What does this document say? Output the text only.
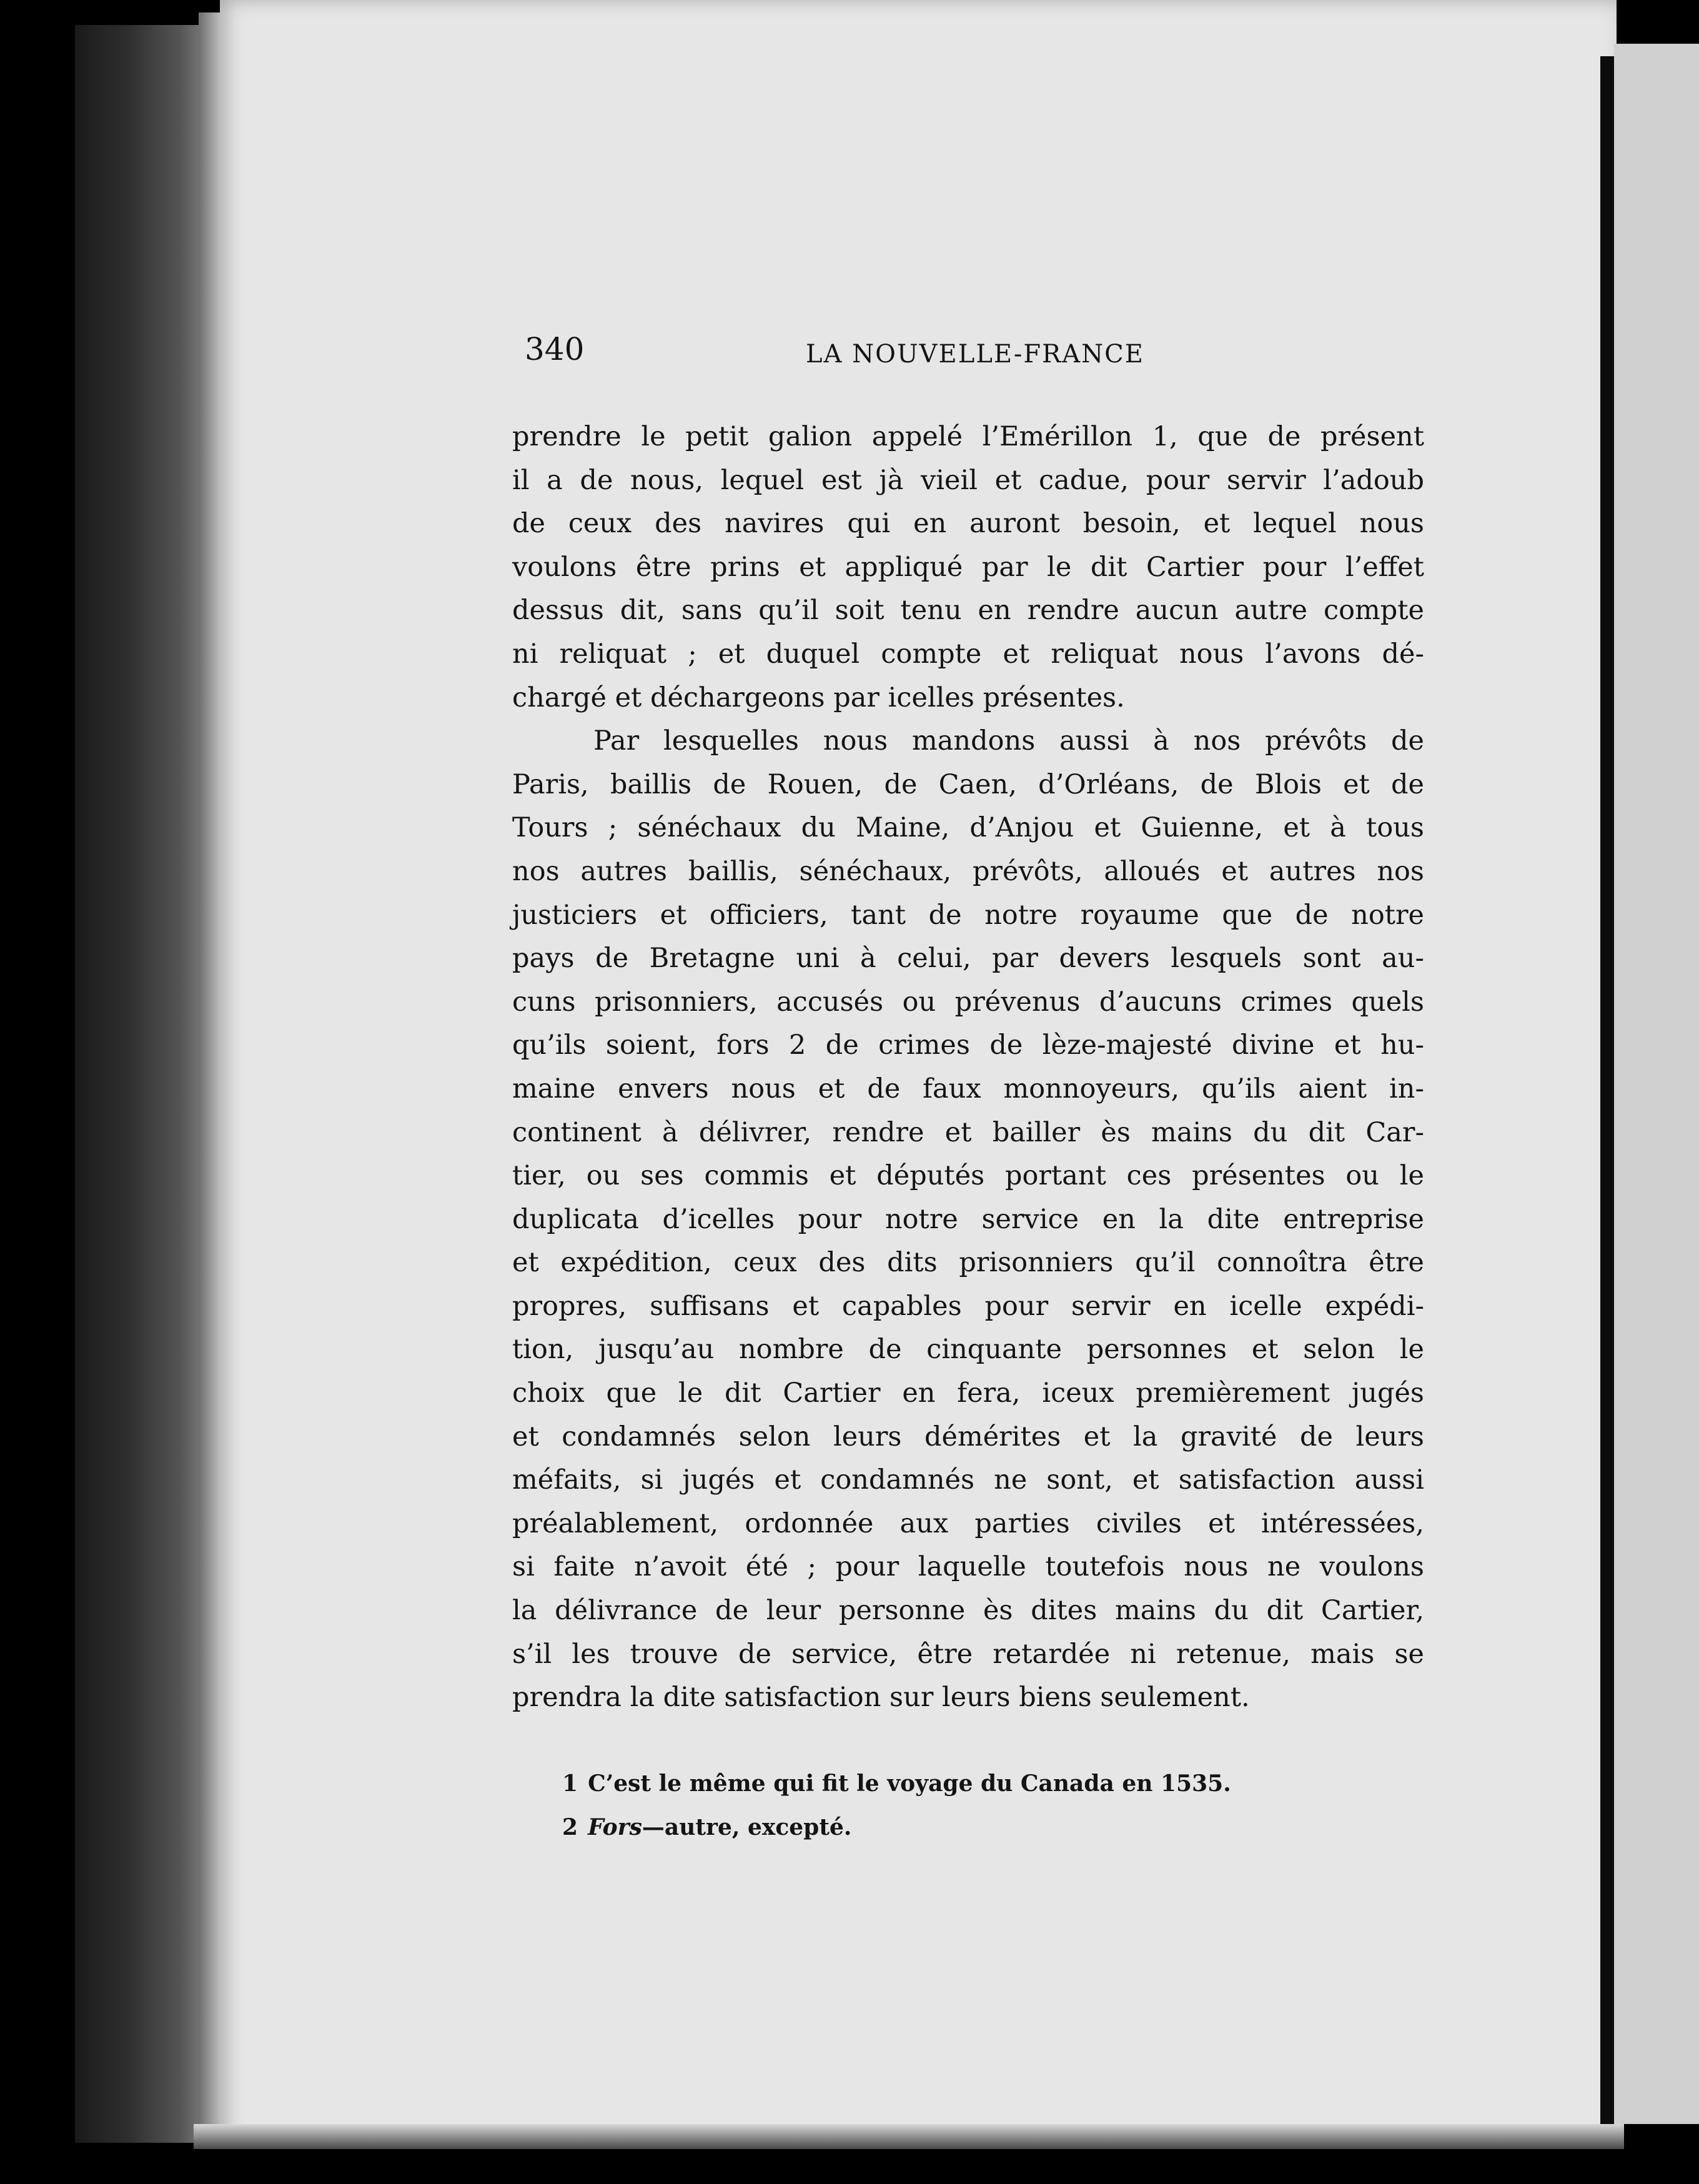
340	LA NOUVELLE-FRANCE
prendre le petit galion appelé l’Emérillon 1, que de présent
il a de nous, lequel est jà vieil et cadue, pour servir l’adoub
de ceux des navires qui en auront besoin, et lequel nous
voulons être prins et appliqué par le dit Cartier pour l’effet
dessus dit, sans qu’il soit tenu en rendre aucun autre compte
ni reliquat ; et duquel compte et reliquat nous l’avons dé-
chargé et déchargeons par icelles présentes.
Par lesquelles nous mandons aussi à nos prévôts de
Paris, baillis de Rouen, de Caen, d’Orléans, de Blois et de
Tours ; sénéchaux du Maine, d’Anjou et Guienne, et à tous
nos autres baillis, sénéchaux, prévôts, alloués et autres nos
justiciers et officiers, tant de notre royaume que de notre
pays de Bretagne uni à celui, par devers lesquels sont au-
cuns prisonniers, accusés ou prévenus d’aucuns crimes quels
qu’ils soient, fors 2 de crimes de lèze-majesté divine et hu-
maine envers nous et de faux monnoyeurs, qu’ils aient in-
continent à délivrer, rendre et bailler ès mains du dit Car-
tier, ou ses commis et députés portant ces présentes ou le
duplicata d’icelles pour notre service en la dite entreprise
et expédition, ceux des dits prisonniers qu’il connoîtra être
propres, suffisans et capables pour servir en icelle expédi-
tion, jusqu’au nombre de cinquante personnes et selon le
choix que le dit Cartier en fera, iceux premièrement jugés
et condamnés selon leurs démérites et la gravité de leurs
méfaits, si jugés et condamnés ne sont, et satisfaction aussi
préalablement, ordonnée aux parties civiles et intéressées,
si faite n’avoit été ; pour laquelle toutefois nous ne voulons
la délivrance de leur personne ès dites mains du dit Cartier,
s’il les trouve de service, être retardée ni retenue, mais se
prendra la dite satisfaction sur leurs biens seulement.
1 C’est le même qui fit le voyage du Canada en 1535.
2 Fors—autre, excepté.
